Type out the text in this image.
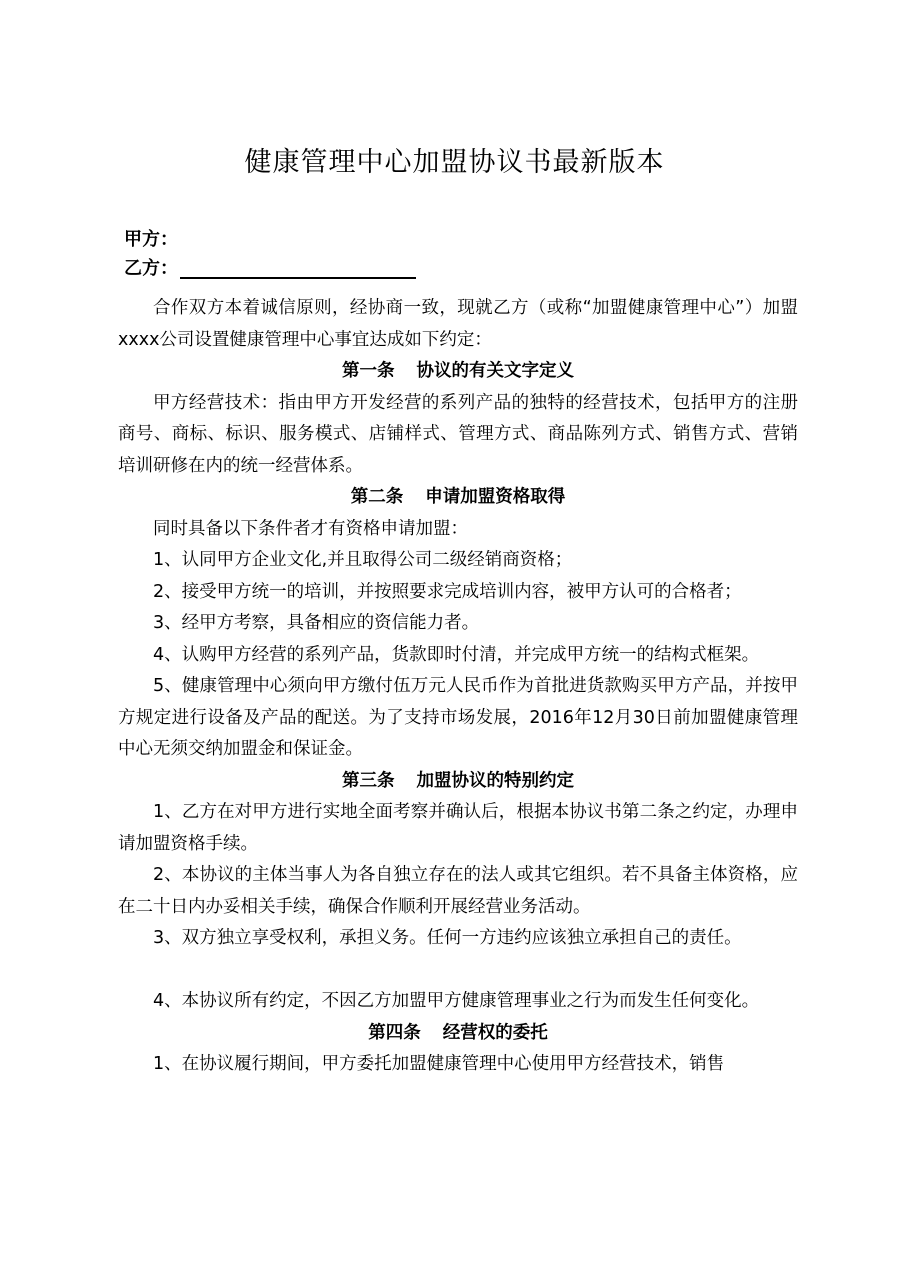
健康管理中心加盟协议书最新版本
甲方：
乙方：

合作双方本着诚信原则，经协商一致，现就乙方（或称“加盟健康管理中心”）加盟xxxx公司设置健康管理中心事宜达成如下约定：

第一条 协议的有关文字定义

甲方经营技术：指由甲方开发经营的系列产品的独特的经营技术，包括甲方的注册商号、商标、标识、服务模式、店铺样式、管理方式、商品陈列方式、销售方式、营销培训研修在内的统一经营体系。

第二条 申请加盟资格取得

同时具备以下条件者才有资格申请加盟：

1、认同甲方企业文化,并且取得公司二级经销商资格；

2、接受甲方统一的培训，并按照要求完成培训内容，被甲方认可的合格者；

3、经甲方考察，具备相应的资信能力者。

4、认购甲方经营的系列产品，货款即时付清，并完成甲方统一的结构式框架。

5、健康管理中心须向甲方缴付伍万元人民币作为首批进货款购买甲方产品，并按甲方规定进行设备及产品的配送。为了支持市场发展，2016年12月30日前加盟健康管理中心无须交纳加盟金和保证金。

第三条 加盟协议的特别约定

1、乙方在对甲方进行实地全面考察并确认后，根据本协议书第二条之约定，办理申请加盟资格手续。

2、本协议的主体当事人为各自独立存在的法人或其它组织。若不具备主体资格，应在二十日内办妥相关手续，确保合作顺利开展经营业务活动。

3、双方独立享受权利，承担义务。任何一方违约应该独立承担自己的责任。

4、本协议所有约定，不因乙方加盟甲方健康管理事业之行为而发生任何变化。

第四条 经营权的委托

1、在协议履行期间，甲方委托加盟健康管理中心使用甲方经营技术，销售
